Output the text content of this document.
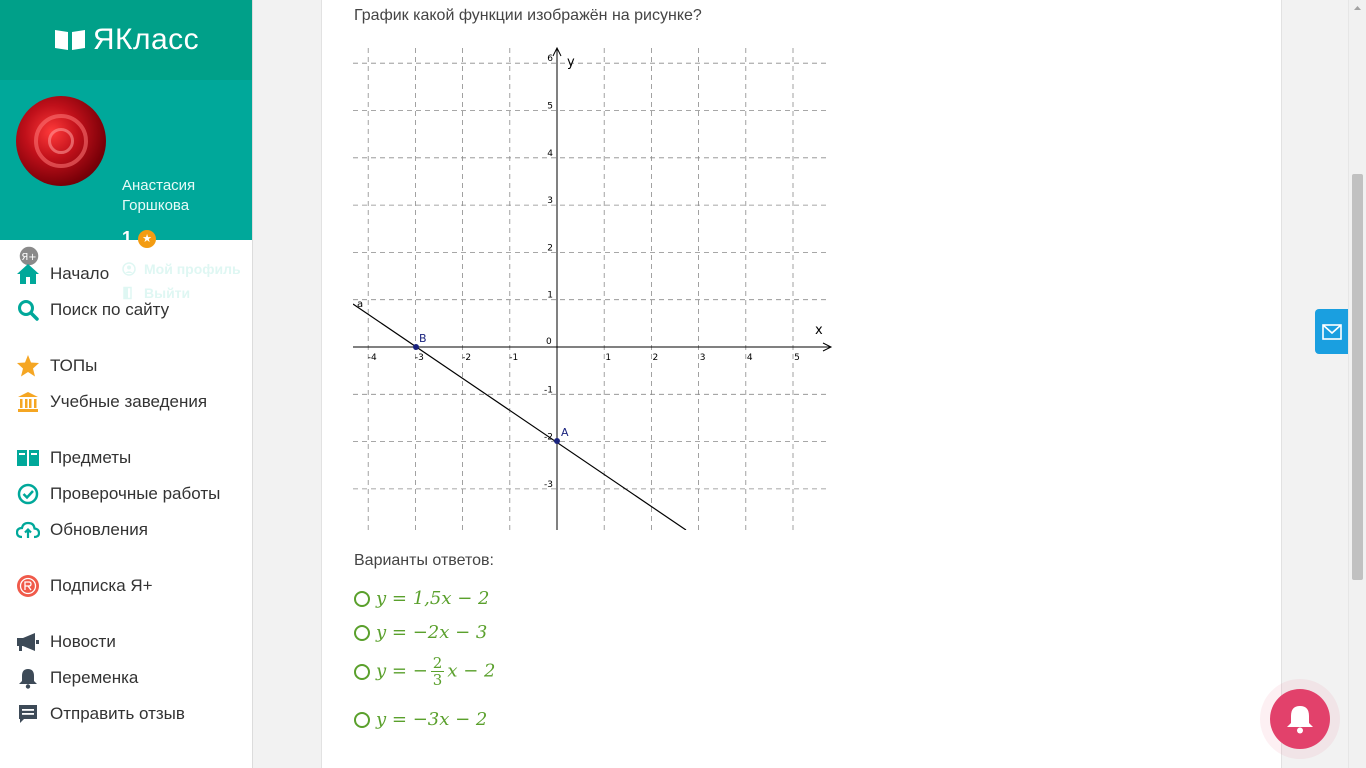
ЯКласс
Я+
Анастасия Горшкова
1 ★
Мой профиль
Выйти
Начало
Поиск по сайту
ТОПы
Учебные заведения
Предметы
Проверочные работы
Обновления
Подписка Я+
Новости
Переменка
Отправить отзыв
График какой функции изображён на рисунке?
-4	-3	-2	-1	1	2	3	4	5
6
5
4
3
2
1
-1
-2
-3
x
y
0
a
B
A
Варианты ответов:
y = 1,5x − 2
y = −2x − 3
y = − $\frac{2}{3}$ x − 2
y = −3x − 2
